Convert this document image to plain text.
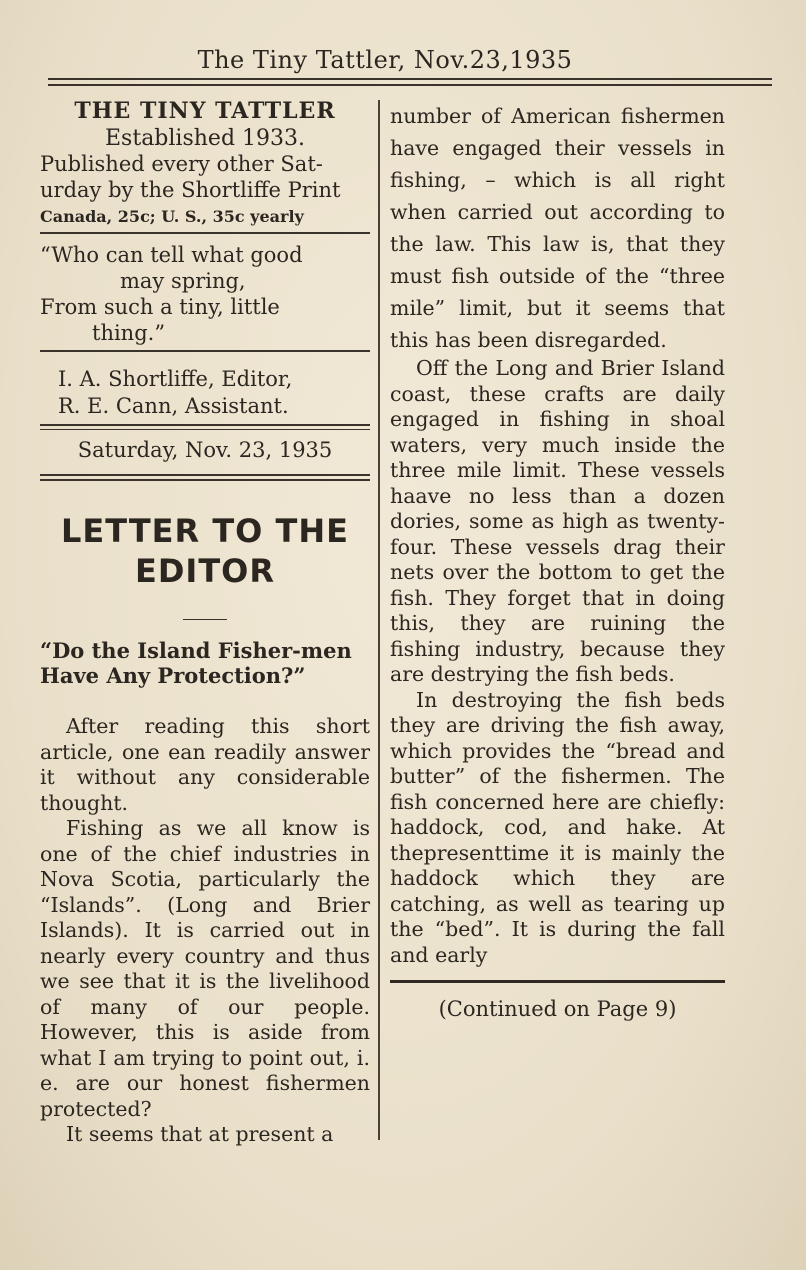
The Tiny Tattler, Nov.23,1935
THE TINY TATTLER
Established 1933.
Published every other Sat-
urday by the Shortliffe Print
Canada, 25c; U. S., 35c yearly
“Who can tell what good
may spring,
From such a tiny, little
thing.”
I. A. Shortliffe, Editor,
R. E. Cann, Assistant.
Saturday, Nov. 23, 1935
LETTER TO THE EDITOR
“Do the Island Fisher-men Have Any Protection?”

After reading this short article, one ean readily answer it without any considerable thought.

Fishing as we all know is one of the chief industries in Nova Scotia, particularly the “Islands”. (Long and Brier Islands). It is carried out in nearly every country and thus we see that it is the livelihood of many of our people. However, this is aside from what I am trying to point out, i. e. are our honest fishermen protected?

It seems that at present a

number of American fishermen have engaged their vessels in fishing, – which is all right when carried out according to the law. This law is, that they must fish outside of the “three mile” limit, but it seems that this has been disregarded.

Off the Long and Brier Island coast, these crafts are daily engaged in fishing in shoal waters, very much inside the three mile limit. These vessels haave no less than a dozen dories, some as high as twenty-four. These vessels drag their nets over the bottom to get the fish. They forget that in doing this, they are ruining the fishing industry, because they are destrying the fish beds.

In destroying the fish beds they are driving the fish away, which provides the “bread and butter” of the fishermen. The fish concerned here are chiefly: haddock, cod, and hake. At thepresenttime it is mainly the haddock which they are catching, as well as tearing up the “bed”. It is during the fall and early

(Continued on Page 9)
